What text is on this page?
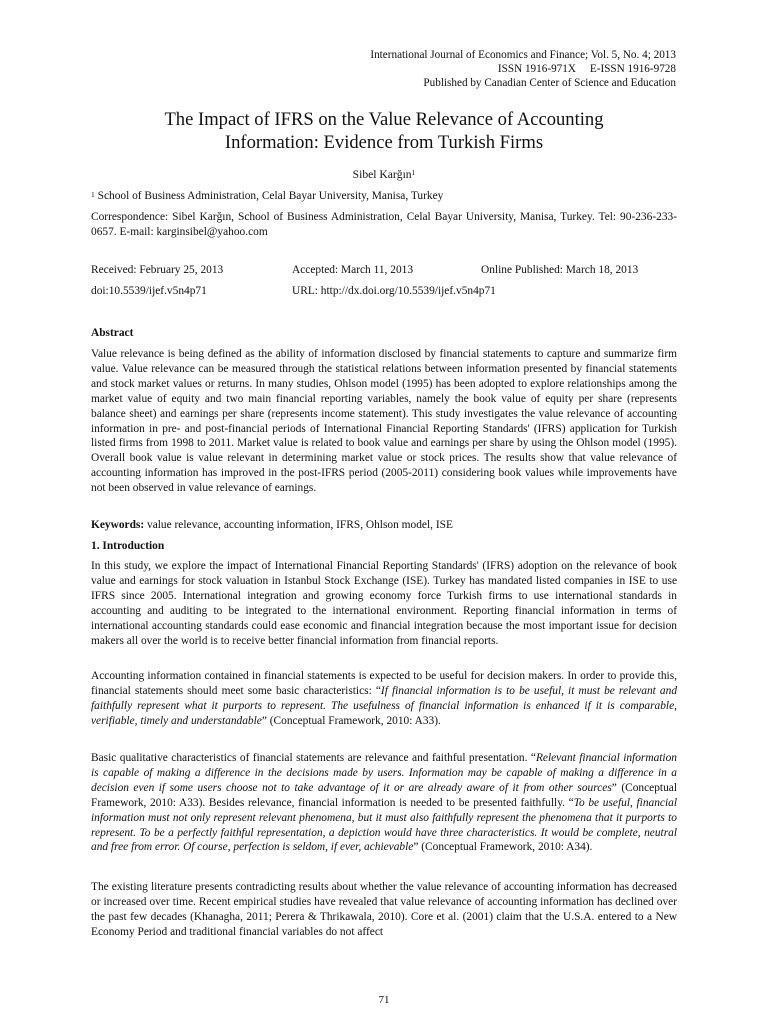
International Journal of Economics and Finance; Vol. 5, No. 4; 2013
ISSN 1916-971X     E-ISSN 1916-9728
Published by Canadian Center of Science and Education
The Impact of IFRS on the Value Relevance of Accounting
Information: Evidence from Turkish Firms
Sibel Karğın$^1$
$^1$ School of Business Administration, Celal Bayar University, Manisa, Turkey
Correspondence: Sibel Karğın, School of Business Administration, Celal Bayar University, Manisa, Turkey. Tel: 90-236-233-0657. E-mail: karginsibel@yahoo.com
Received: February 25, 2013	Accepted: March 11, 2013	Online Published: March 18, 2013
doi:10.5539/ijef.v5n4p71	URL: http://dx.doi.org/10.5539/ijef.v5n4p71
Abstract
Value relevance is being defined as the ability of information disclosed by financial statements to capture and summarize firm value. Value relevance can be measured through the statistical relations between information presented by financial statements and stock market values or returns. In many studies, Ohlson model (1995) has been adopted to explore relationships among the market value of equity and two main financial reporting variables, namely the book value of equity per share (represents balance sheet) and earnings per share (represents income statement). This study investigates the value relevance of accounting information in pre- and post-financial periods of International Financial Reporting Standards' (IFRS) application for Turkish listed firms from 1998 to 2011. Market value is related to book value and earnings per share by using the Ohlson model (1995). Overall book value is value relevant in determining market value or stock prices. The results show that value relevance of accounting information has improved in the post-IFRS period (2005-2011) considering book values while improvements have not been observed in value relevance of earnings.
Keywords: value relevance, accounting information, IFRS, Ohlson model, ISE
1. Introduction
In this study, we explore the impact of International Financial Reporting Standards' (IFRS) adoption on the relevance of book value and earnings for stock valuation in Istanbul Stock Exchange (ISE). Turkey has mandated listed companies in ISE to use IFRS since 2005. International integration and growing economy force Turkish firms to use international standards in accounting and auditing to be integrated to the international environment. Reporting financial information in terms of international accounting standards could ease economic and financial integration because the most important issue for decision makers all over the world is to receive better financial information from financial reports.
Accounting information contained in financial statements is expected to be useful for decision makers. In order to provide this, financial statements should meet some basic characteristics: “If financial information is to be useful, it must be relevant and faithfully represent what it purports to represent. The usefulness of financial information is enhanced if it is comparable, verifiable, timely and understandable” (Conceptual Framework, 2010: A33).
Basic qualitative characteristics of financial statements are relevance and faithful presentation. “Relevant financial information is capable of making a difference in the decisions made by users. Information may be capable of making a difference in a decision even if some users choose not to take advantage of it or are already aware of it from other sources” (Conceptual Framework, 2010: A33). Besides relevance, financial information is needed to be presented faithfully. “To be useful, financial information must not only represent relevant phenomena, but it must also faithfully represent the phenomena that it purports to represent. To be a perfectly faithful representation, a depiction would have three characteristics. It would be complete, neutral and free from error. Of course, perfection is seldom, if ever, achievable” (Conceptual Framework, 2010: A34).
The existing literature presents contradicting results about whether the value relevance of accounting information has decreased or increased over time. Recent empirical studies have revealed that value relevance of accounting information has declined over the past few decades (Khanagha, 2011; Perera & Thrikawala, 2010). Core et al. (2001) claim that the U.S.A. entered to a New Economy Period and traditional financial variables do not affect
71
